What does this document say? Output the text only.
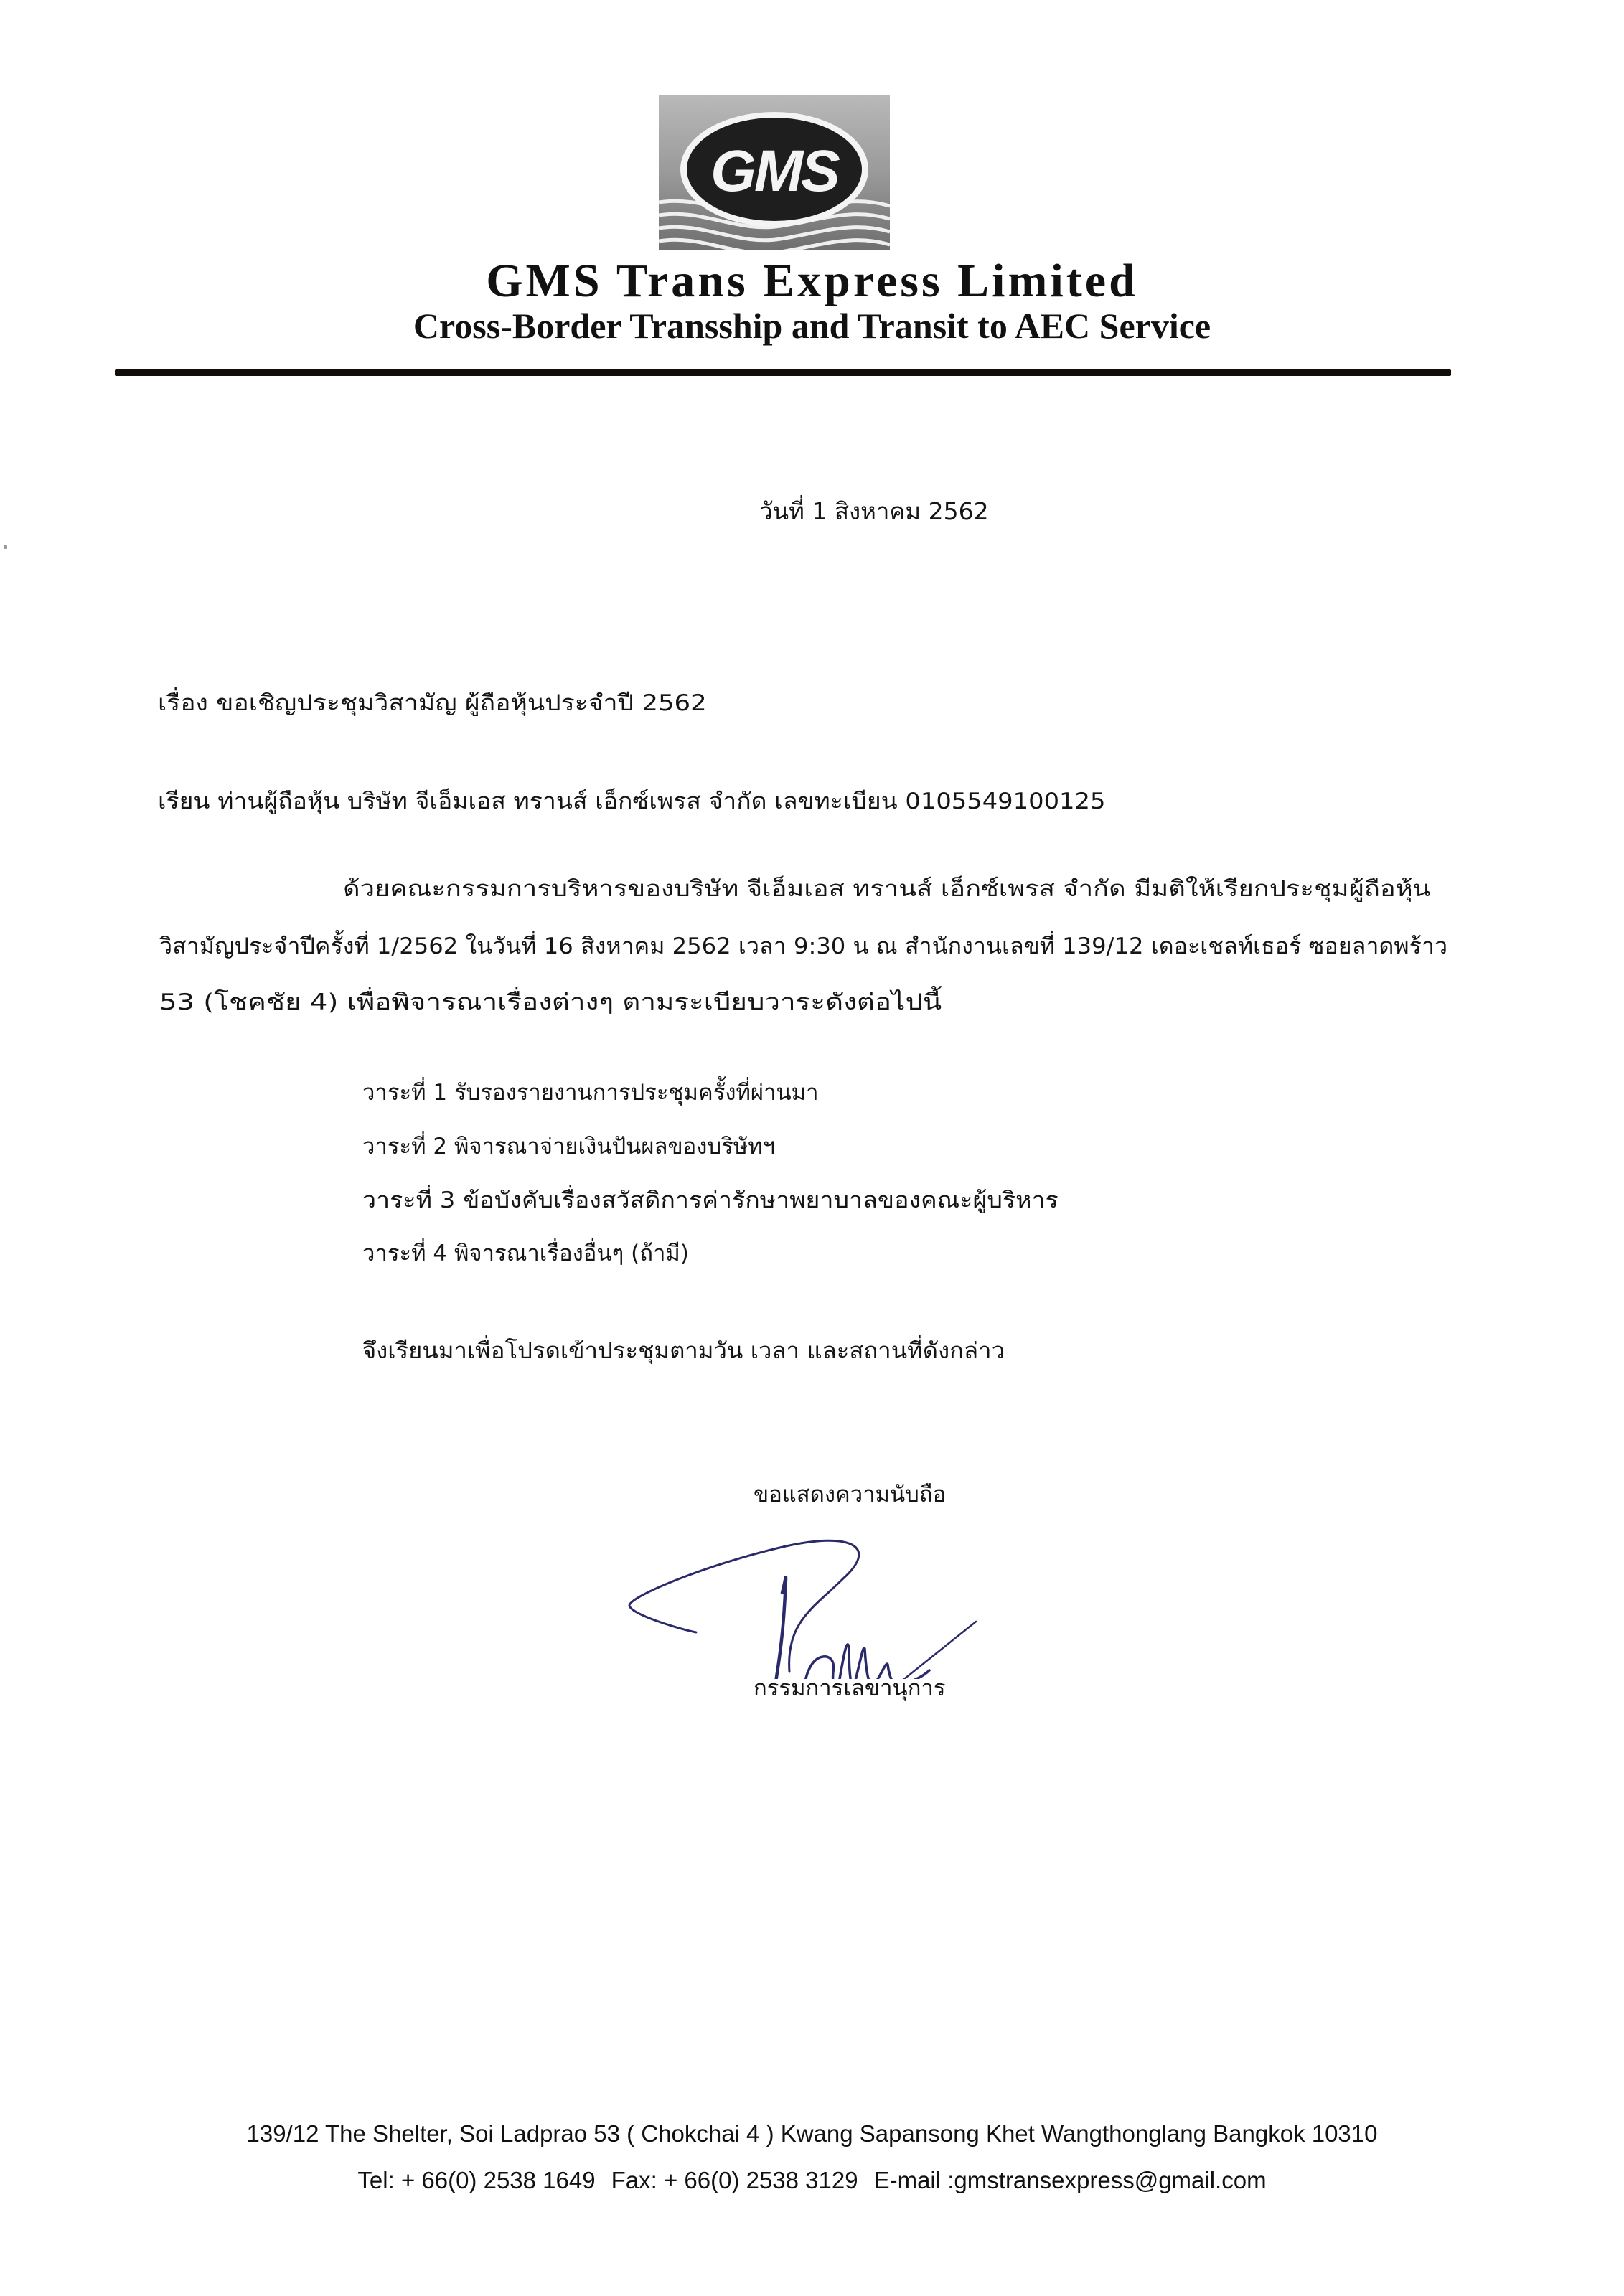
GMS
GMS Trans Express Limited
Cross-Border Transship and Transit to AEC Service
วันที่ 1 สิงหาคม 2562
เรื่อง ขอเชิญประชุมวิสามัญ ผู้ถือหุ้นประจำปี 2562
เรียน ท่านผู้ถือหุ้น บริษัท จีเอ็มเอส ทรานส์ เอ็กซ์เพรส จำกัด เลขทะเบียน 0105549100125
ด้วยคณะกรรมการบริหารของบริษัท จีเอ็มเอส ทรานส์ เอ็กซ์เพรส จำกัด มีมติให้เรียกประชุมผู้ถือหุ้น
วิสามัญประจำปีครั้งที่ 1/2562 ในวันที่ 16 สิงหาคม 2562 เวลา 9:30 น ณ สำนักงานเลขที่ 139/12 เดอะเชลท์เธอร์ ซอยลาดพร้าว
53 (โชคชัย 4) เพื่อพิจารณาเรื่องต่างๆ ตามระเบียบวาระดังต่อไปนี้
วาระที่ 1 รับรองรายงานการประชุมครั้งที่ผ่านมา
วาระที่ 2 พิจารณาจ่ายเงินปันผลของบริษัทฯ
วาระที่ 3 ข้อบังคับเรื่องสวัสดิการค่ารักษาพยาบาลของคณะผู้บริหาร
วาระที่ 4 พิจารณาเรื่องอื่นๆ (ถ้ามี)
จึงเรียนมาเพื่อโปรดเข้าประชุมตามวัน เวลา และสถานที่ดังกล่าว
ขอแสดงความนับถือ
กรรมการเลขานุการ
139/12 The Shelter, Soi Ladprao 53 ( Chokchai 4 ) Kwang Sapansong Khet Wangthonglang Bangkok 10310
Tel: + 66(0) 2538 1649 Fax: + 66(0) 2538 3129 E-mail :gmstransexpress@gmail.com
